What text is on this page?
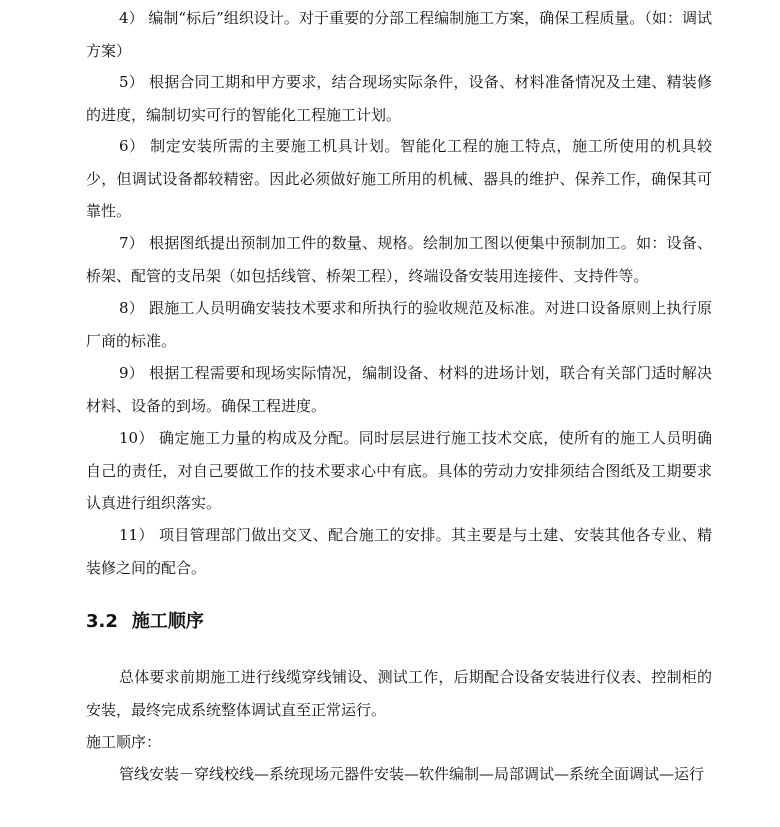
4） 编制“标后”组织设计。对于重要的分部工程编制施工方案，确保工程质量。（如：调试方案）

5） 根据合同工期和甲方要求，结合现场实际条件，设备、材料准备情况及土建、精装修的进度，编制切实可行的智能化工程施工计划。

6） 制定安装所需的主要施工机具计划。智能化工程的施工特点，施工所使用的机具较少，但调试设备都较精密。因此必须做好施工所用的机械、器具的维护、保养工作，确保其可靠性。

7） 根据图纸提出预制加工件的数量、规格。绘制加工图以便集中预制加工。如：设备、桥架、配管的支吊架（如包括线管、桥架工程），终端设备安装用连接件、支持件等。

8） 跟施工人员明确安装技术要求和所执行的验收规范及标准。对进口设备原则上执行原厂商的标准。

9） 根据工程需要和现场实际情况，编制设备、材料的进场计划，联合有关部门适时解决材料、设备的到场。确保工程进度。

10） 确定施工力量的构成及分配。同时层层进行施工技术交底，使所有的施工人员明确自己的责任，对自己要做工作的技术要求心中有底。具体的劳动力安排须结合图纸及工期要求认真进行组织落实。

11） 项目管理部门做出交叉、配合施工的安排。其主要是与土建、安装其他各专业、精装修之间的配合。

3.2 施工顺序

总体要求前期施工进行线缆穿线铺设、测试工作，后期配合设备安装进行仪表、控制柜的安装，最终完成系统整体调试直至正常运行。

施工顺序：

管线安装－穿线校线—系统现场元器件安装—软件编制—局部调试—系统全面调试—运行
